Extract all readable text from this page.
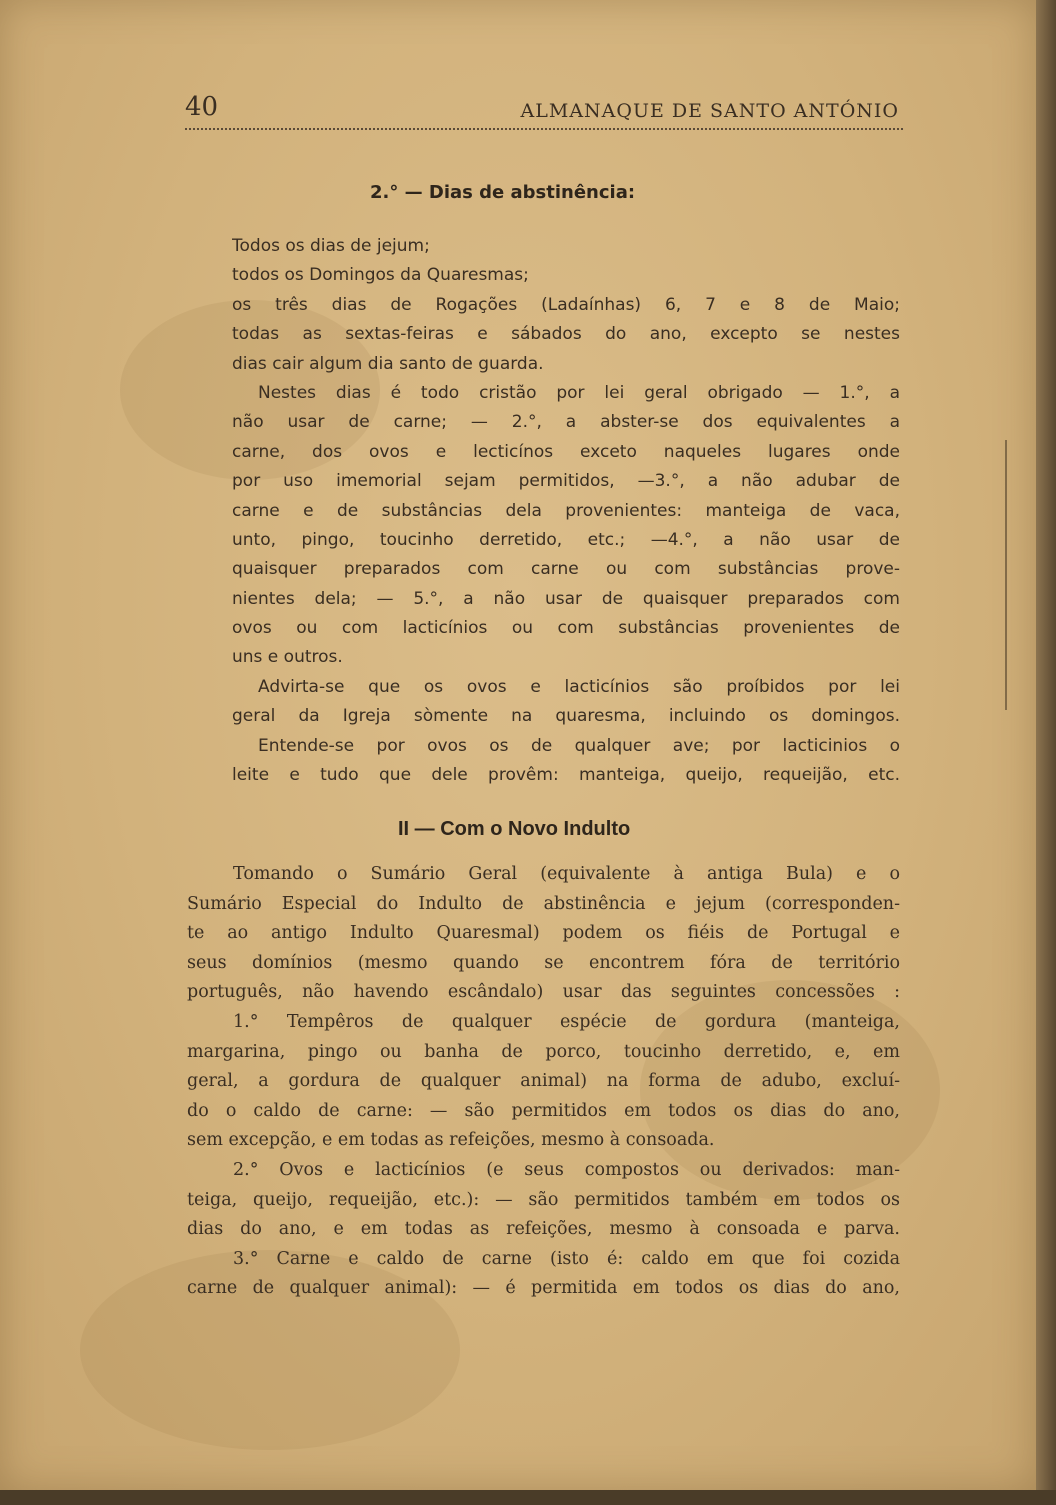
40	ALMANAQUE DE SANTO ANTÓNIO
2.° — Dias de abstinência:
Todos os dias de jejum;
todos os Domingos da Quaresmas;
os três dias de Rogações (Ladaínhas) 6, 7 e 8 de Maio;
todas as sextas-feiras e sábados do ano, excepto se nestes
dias cair algum dia santo de guarda.
Nestes dias é todo cristão por lei geral obrigado — 1.°, a
não usar de carne; — 2.°, a abster-se dos equivalentes a
carne, dos ovos e lecticínos exceto naqueles lugares onde
por uso imemorial sejam permitidos, —3.°, a não adubar de
carne e de substâncias dela provenientes: manteiga de vaca,
unto, pingo, toucinho derretido, etc.; —4.°, a não usar de
quaisquer preparados com carne ou com substâncias prove-
nientes dela; — 5.°, a não usar de quaisquer preparados com
ovos ou com lacticínios ou com substâncias provenientes de
uns e outros.
Advirta-se que os ovos e lacticínios são proíbidos por lei
geral da Igreja sòmente na quaresma, incluindo os domingos.
Entende-se por ovos os de qualquer ave; por lacticinios o
leite e tudo que dele provêm: manteiga, queijo, requeijão, etc.
II — Com o Novo Indulto
Tomando o Sumário Geral (equivalente à antiga Bula) e o
Sumário Especial do Indulto de abstinência e jejum (corresponden-
te ao antigo Indulto Quaresmal) podem os fiéis de Portugal e
seus domínios (mesmo quando se encontrem fóra de território
português, não havendo escândalo) usar das seguintes concessões :
1.° Tempêros de qualquer espécie de gordura (manteiga,
margarina, pingo ou banha de porco, toucinho derretido, e, em
geral, a gordura de qualquer animal) na forma de adubo, excluí-
do o caldo de carne: — são permitidos em todos os dias do ano,
sem excepção, e em todas as refeições, mesmo à consoada.
2.° Ovos e lacticínios (e seus compostos ou derivados: man-
teiga, queijo, requeijão, etc.): — são permitidos também em todos os
dias do ano, e em todas as refeições, mesmo à consoada e parva.
3.° Carne e caldo de carne (isto é: caldo em que foi cozida
carne de qualquer animal): — é permitida em todos os dias do ano,
